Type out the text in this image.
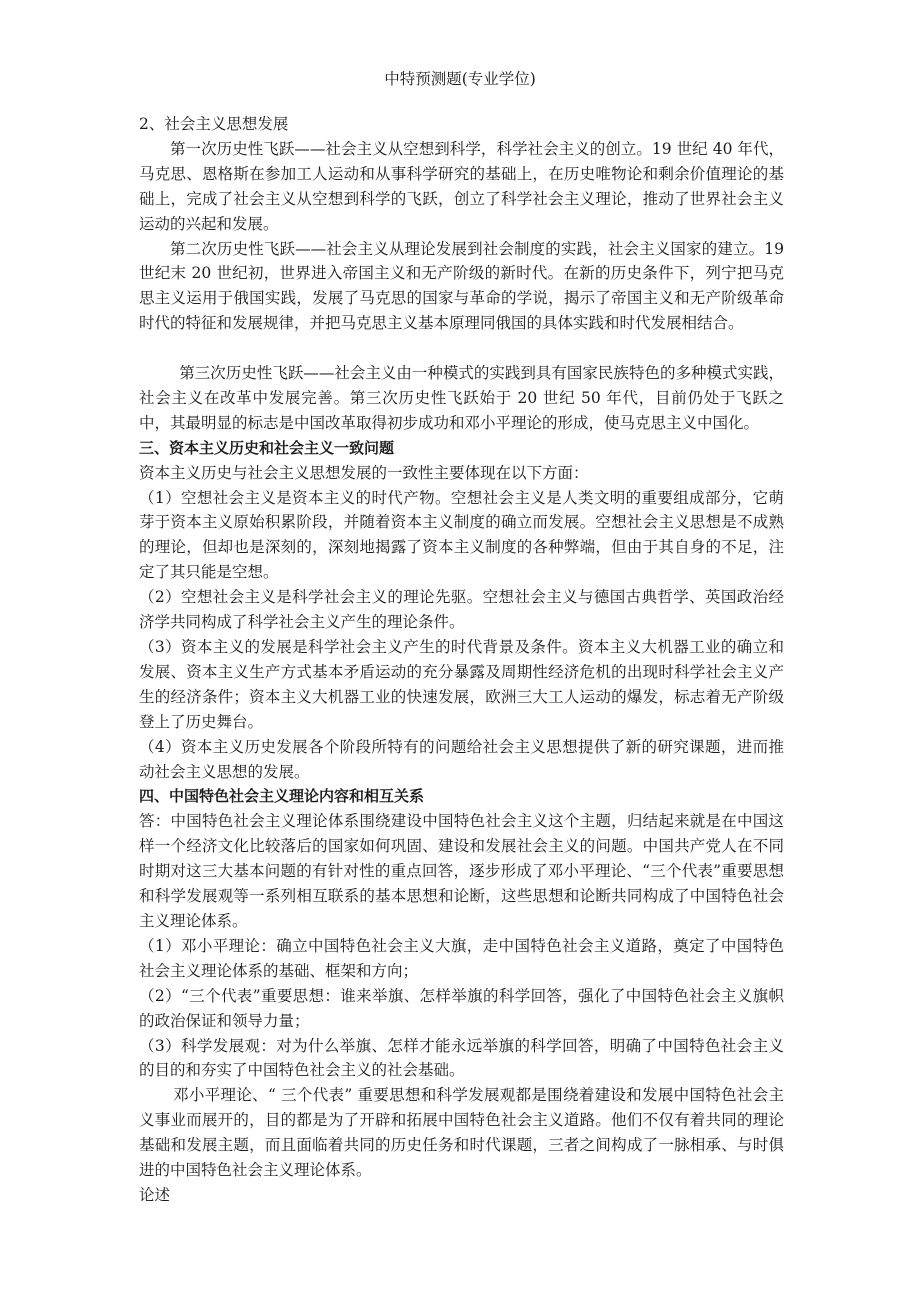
中特预测题(专业学位)

2、社会主义思想发展

第一次历史性飞跃——社会主义从空想到科学，科学社会主义的创立。19 世纪 40 年代，马克思、恩格斯在参加工人运动和从事科学研究的基础上，在历史唯物论和剩余价值理论的基础上，完成了社会主义从空想到科学的飞跃，创立了科学社会主义理论，推动了世界社会主义运动的兴起和发展。

第二次历史性飞跃——社会主义从理论发展到社会制度的实践，社会主义国家的建立。19 世纪末 20 世纪初，世界进入帝国主义和无产阶级的新时代。在新的历史条件下，列宁把马克思主义运用于俄国实践，发展了马克思的国家与革命的学说，揭示了帝国主义和无产阶级革命时代的特征和发展规律，并把马克思主义基本原理同俄国的具体实践和时代发展相结合。

第三次历史性飞跃——社会主义由一种模式的实践到具有国家民族特色的多种模式实践，社会主义在改革中发展完善。第三次历史性飞跃始于 20 世纪 50 年代，目前仍处于飞跃之中，其最明显的标志是中国改革取得初步成功和邓小平理论的形成，使马克思主义中国化。

三、资本主义历史和社会主义一致问题

资本主义历史与社会主义思想发展的一致性主要体现在以下方面：

（1）空想社会主义是资本主义的时代产物。空想社会主义是人类文明的重要组成部分，它萌芽于资本主义原始积累阶段，并随着资本主义制度的确立而发展。空想社会主义思想是不成熟的理论，但却也是深刻的，深刻地揭露了资本主义制度的各种弊端，但由于其自身的不足，注定了其只能是空想。

（2）空想社会主义是科学社会主义的理论先驱。空想社会主义与德国古典哲学、英国政治经济学共同构成了科学社会主义产生的理论条件。

（3）资本主义的发展是科学社会主义产生的时代背景及条件。资本主义大机器工业的确立和发展、资本主义生产方式基本矛盾运动的充分暴露及周期性经济危机的出现时科学社会主义产生的经济条件；资本主义大机器工业的快速发展，欧洲三大工人运动的爆发，标志着无产阶级登上了历史舞台。

（4）资本主义历史发展各个阶段所特有的问题给社会主义思想提供了新的研究课题，进而推动社会主义思想的发展。

四、中国特色社会主义理论内容和相互关系

答：中国特色社会主义理论体系围绕建设中国特色社会主义这个主题，归结起来就是在中国这样一个经济文化比较落后的国家如何巩固、建设和发展社会主义的问题。中国共产党人在不同时期对这三大基本问题的有针对性的重点回答，逐步形成了邓小平理论、“三个代表”重要思想和科学发展观等一系列相互联系的基本思想和论断，这些思想和论断共同构成了中国特色社会主义理论体系。

（1）邓小平理论：确立中国特色社会主义大旗，走中国特色社会主义道路，奠定了中国特色社会主义理论体系的基础、框架和方向；

（2）“三个代表”重要思想：谁来举旗、怎样举旗的科学回答，强化了中国特色社会主义旗帜的政治保证和领导力量；

（3）科学发展观：对为什么举旗、怎样才能永远举旗的科学回答，明确了中国特色社会主义的目的和夯实了中国特色社会主义的社会基础。

邓小平理论、“ 三个代表” 重要思想和科学发展观都是围绕着建设和发展中国特色社会主义事业而展开的，目的都是为了开辟和拓展中国特色社会主义道路。他们不仅有着共同的理论基础和发展主题，而且面临着共同的历史任务和时代课题，三者之间构成了一脉相承、与时俱进的中国特色社会主义理论体系。

论述
